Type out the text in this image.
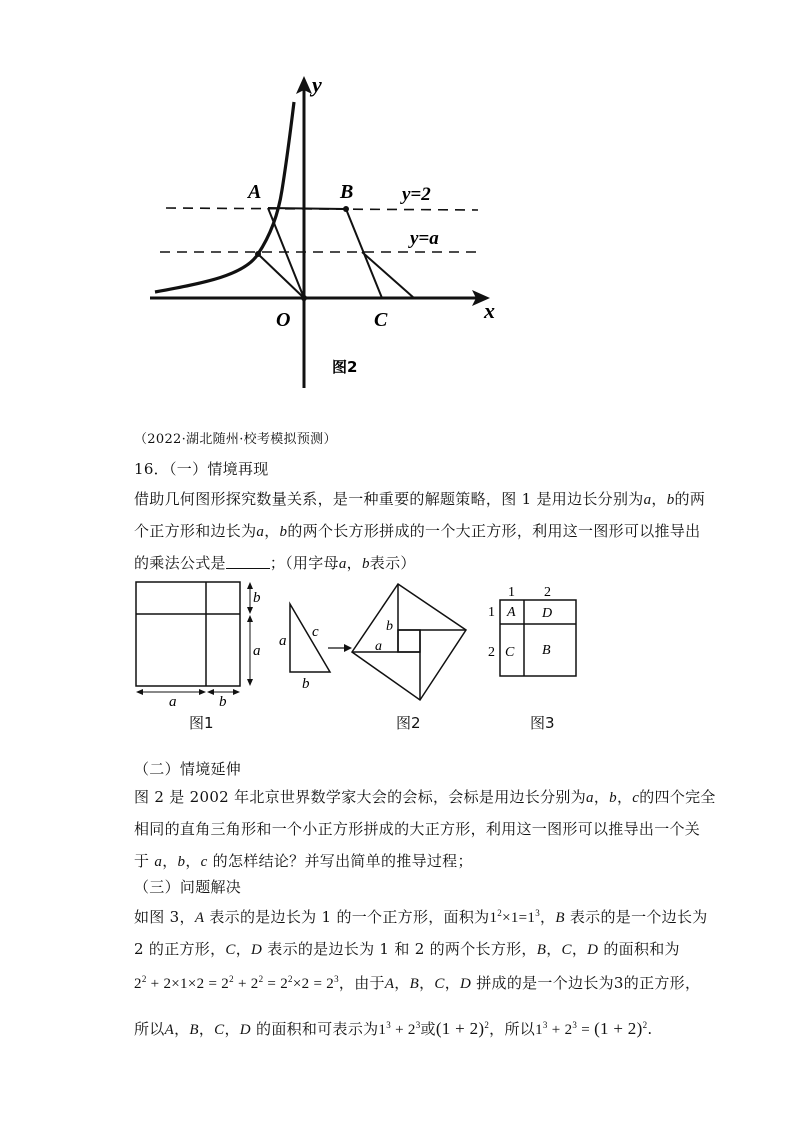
y
x
O
A	B
C
y=2
y=a
图2
（2022·湖北随州·校考模拟预测）
16．（一）情境再现
借助几何图形探究数量关系，是一种重要的解题策略，图 1 是用边长分别为a，b的两
个正方形和边长为a，b的两个长方形拼成的一个大正方形，利用这一图形可以推导出
的乘法公式是	；（用字母a，b表示）
b
a
a	b
a
c
b
b
a
1 2
1
2
A D
C B
图1	图2	图3
（二）情境延伸
图 2 是 2002 年北京世界数学家大会的会标，会标是用边长分别为a，b，c的四个完全
相同的直角三角形和一个小正方形拼成的大正方形，利用这一图形可以推导出一个关
于 a，b，c 的怎样结论？并写出简单的推导过程；
（三）问题解决
如图 3，A 表示的是边长为 1 的一个正方形，面积为$1^2\times 1=1^3$，B 表示的是一个边长为
2 的正方形，C，D 表示的是边长为 1 和 2 的两个长方形，B，C，D 的面积和为
$2^2 + 2\times 1\times 2 = 2^2 + 2^2 = 2^2\times 2 = 2^3$，由于A，B，C，D 拼成的是一个边长为3的正方形，
所以A，B，C，D 的面积和可表示为$1^3 + 2^3$或$(1 + 2)^2$，所以$1^3 + 2^3 = (1 + 2)^2$.
